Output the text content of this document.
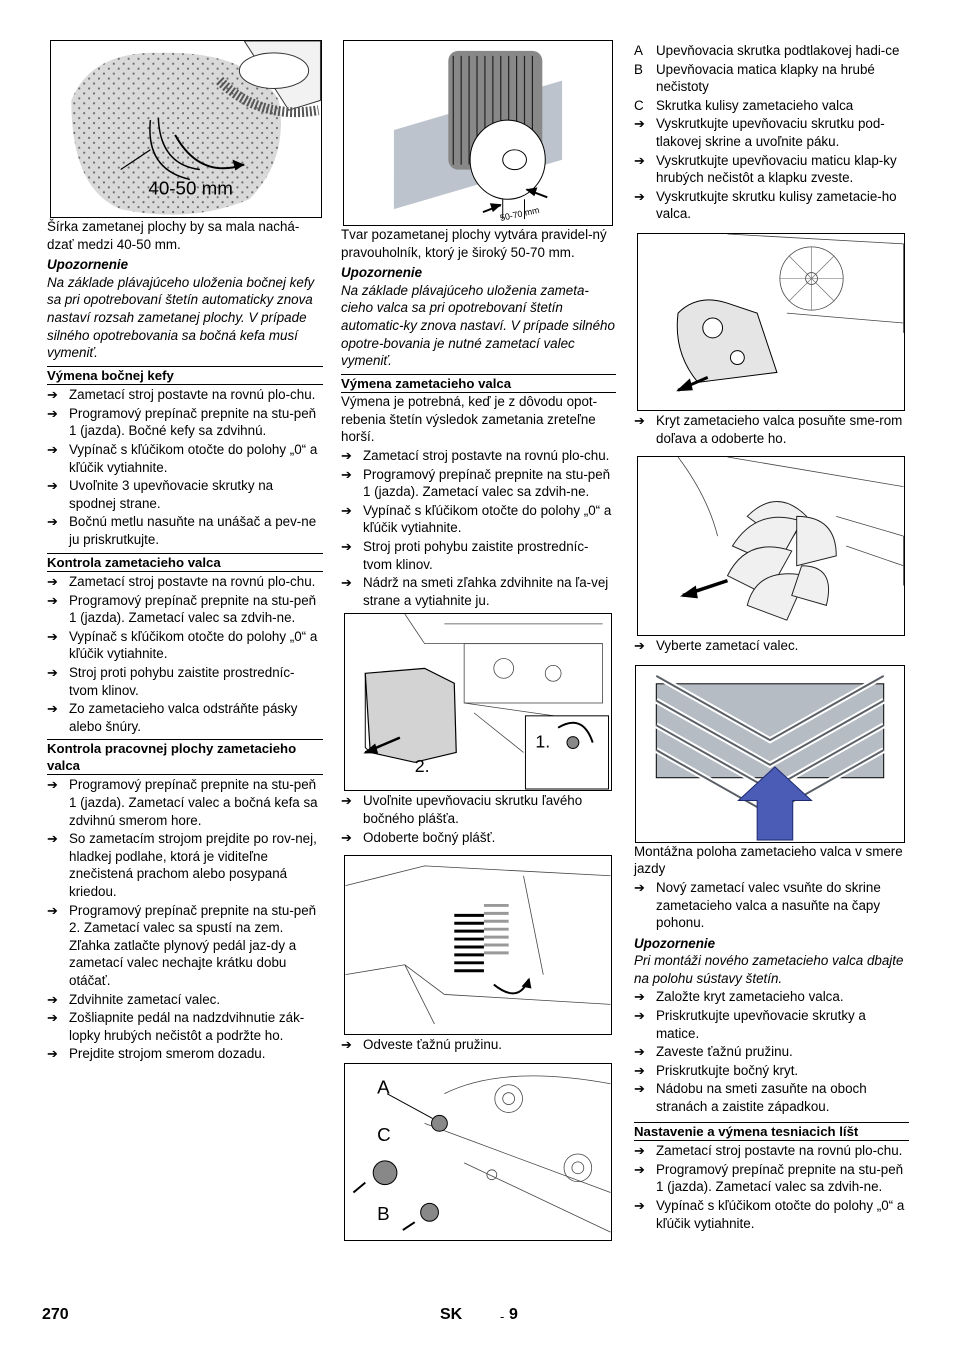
40-50 mm

Šírka zametanej plochy by sa mala nachá-dzať medzi 40-50 mm.

Upozornenie

Na základe plávajúceho uloženia bočnej kefy sa pri opotrebovaní štetín automaticky znova nastaví rozsah zametanej plochy. V prípade silného opotrebovania sa bočná kefa musí vymeniť.

Výmena bočnej kefy
➔ Zametací stroj postavte na rovnú plo-chu.
➔ Programový prepínač prepnite na stu-peň 1 (jazda). Bočné kefy sa zdvihnú.
➔ Vypínač s kľúčikom otočte do polohy „0“ a kľúčik vytiahnite.
➔ Uvoľnite 3 upevňovacie skrutky na spodnej strane.
➔ Bočnú metlu nasuňte na unášač a pev-ne ju priskrutkujte.
Kontrola zametacieho valca
➔ Zametací stroj postavte na rovnú plo-chu.
➔ Programový prepínač prepnite na stu-peň 1 (jazda). Zametací valec sa zdvih-ne.
➔ Vypínač s kľúčikom otočte do polohy „0“ a kľúčik vytiahnite.
➔ Stroj proti pohybu zaistite prostredníc-tvom klinov.
➔ Zo zametacieho valca odstráňte pásky alebo šnúry.
Kontrola pracovnej plochy zametacieho valca
➔ Programový prepínač prepnite na stu-peň 1 (jazda). Zametací valec a bočná kefa sa zdvihnú smerom hore.
➔ So zametacím strojom prejdite po rov-nej, hladkej podlahe, ktorá je viditeľne znečistená prachom alebo posypaná kriedou.
➔ Programový prepínač prepnite na stu-peň 2. Zametací valec sa spustí na zem. Zľahka zatlačte plynový pedál jaz-dy a zametací valec nechajte krátku dobu otáčať.
➔ Zdvihnite zametací valec.
➔ Zošliapnite pedál na nadzdvihnutie zák-lopky hrubých nečistôt a podržte ho.
➔ Prejdite strojom smerom dozadu.
50-70 mm

Tvar pozametanej plochy vytvára pravidel-ný pravouholník, ktorý je široký 50-70 mm.

Upozornenie

Na základe plávajúceho uloženia zameta-cieho valca sa pri opotrebovaní štetín automatic-ky znova nastaví. V prípade silného opotre-bovania je nutné zametací valec vymeniť.

Výmena zametacieho valca

Výmena je potrebná, keď je z dôvodu opot-rebenia štetín výsledok zametania zreteľne horší.

➔ Zametací stroj postavte na rovnú plo-chu.
➔ Programový prepínač prepnite na stu-peň 1 (jazda). Zametací valec sa zdvih-ne.
➔ Vypínač s kľúčikom otočte do polohy „0“ a kľúčik vytiahnite.
➔ Stroj proti pohybu zaistite prostredníc-tvom klinov.
➔ Nádrž na smeti zľahka zdvihnite na ľa-vej strane a vytiahnite ju.
2.
1.
➔ Uvoľnite upevňovaciu skrutku ľavého bočného plášťa.
➔ Odoberte bočný plášť.
➔ Odveste ťažnú pružinu.
A
C
B
A Upevňovacia skrutka podtlakovej hadi-ce
B Upevňovacia matica klapky na hrubé nečistoty
C Skrutka kulisy zametacieho valca
➔ Vyskrutkujte upevňovaciu skrutku pod-tlakovej skrine a uvoľnite páku.
➔ Vyskrutkujte upevňovaciu maticu klap-ky hrubých nečistôt a klapku zveste.
➔ Vyskrutkujte skrutku kulisy zametacie-ho valca.
➔ Kryt zametacieho valca posuňte sme-rom doľava a odoberte ho.
➔ Vyberte zametací valec.

Montážna poloha zametacieho valca v smere jazdy

➔ Nový zametací valec vsuňte do skrine zametacieho valca a nasuňte na čapy pohonu.

Upozornenie

Pri montáži nového zametacieho valca dbajte na polohu sústavy štetín.

➔ Založte kryt zametacieho valca.
➔ Priskrutkujte upevňovacie skrutky a matice.
➔ Zaveste ťažnú pružinu.
➔ Priskrutkujte bočný kryt.
➔ Nádobu na smeti zasuňte na oboch stranách a zaistite západkou.
Nastavenie a výmena tesniacich líšt
➔ Zametací stroj postavte na rovnú plo-chu.
➔ Programový prepínač prepnite na stu-peň 1 (jazda). Zametací valec sa zdvih-ne.
➔ Vypínač s kľúčikom otočte do polohy „0“ a kľúčik vytiahnite.
270	SK	- 9
